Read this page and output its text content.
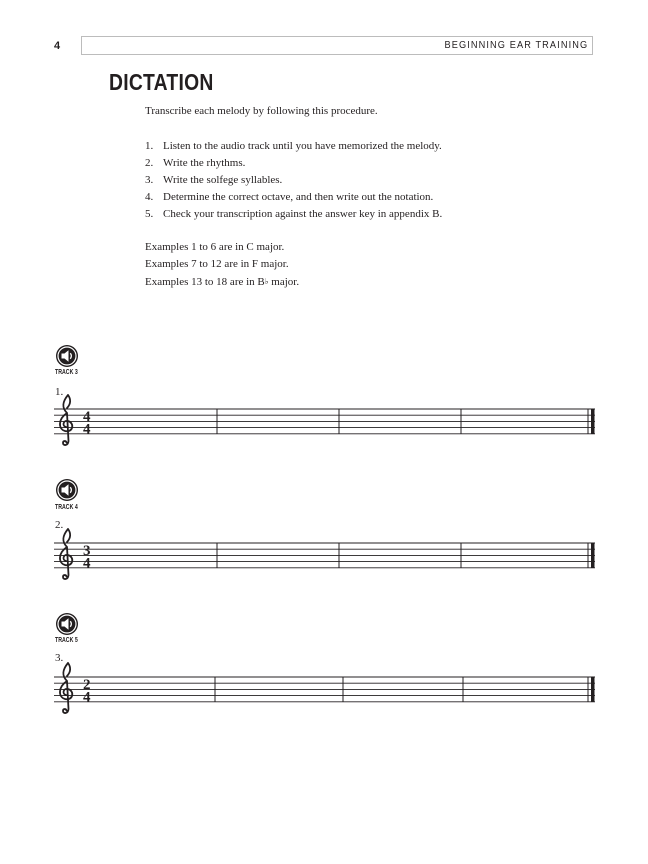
4	BEGINNING EAR TRAINING
DICTATION
Transcribe each melody by following this procedure.
1. Listen to the audio track until you have memorized the melody.
2. Write the rhythms.
3. Write the solfege syllables.
4. Determine the correct octave, and then write out the notation.
5. Check your transcription against the answer key in appendix B.
Examples 1 to 6 are in C major.
Examples 7 to 12 are in F major.
Examples 13 to 18 are in B♭ major.
TRACK 3
1.
4
4
TRACK 4
2.
3
4
TRACK 5
3.
2
4
